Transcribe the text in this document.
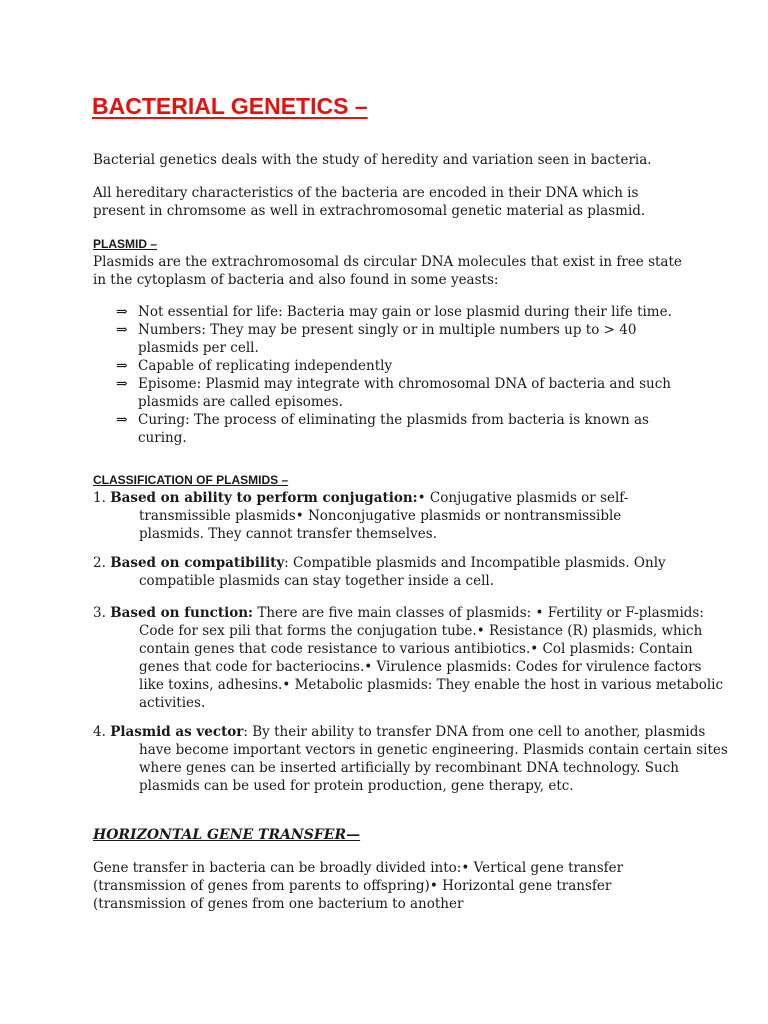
BACTERIAL GENETICS –

Bacterial genetics deals with the study of heredity and variation seen in bacteria.

All hereditary characteristics of the bacteria are encoded in their DNA which is present in chromsome as well in extrachromosomal genetic material as plasmid.

PLASMID –
Plasmids are the extrachromosomal ds circular DNA molecules that exist in free state in the cytoplasm of bacteria and also found in some yeasts:
⇒ Not essential for life: Bacteria may gain or lose plasmid during their life time.
⇒ Numbers: They may be present singly or in multiple numbers up to > 40 plasmids per cell.
⇒ Capable of replicating independently
⇒ Episome: Plasmid may integrate with chromosomal DNA of bacteria and such plasmids are called episomes.
⇒ Curing: The process of eliminating the plasmids from bacteria is known as curing.
CLASSIFICATION OF PLASMIDS –

1. Based on ability to perform conjugation:• Conjugative plasmids or self-transmissible plasmids• Nonconjugative plasmids or nontransmissible plasmids. They cannot transfer themselves.

2. Based on compatibility: Compatible plasmids and Incompatible plasmids. Only compatible plasmids can stay together inside a cell.

3. Based on function: There are five main classes of plasmids: • Fertility or F-plasmids: Code for sex pili that forms the conjugation tube.• Resistance (R) plasmids, which contain genes that code resistance to various antibiotics.• Col plasmids: Contain genes that code for bacteriocins.• Virulence plasmids: Codes for virulence factors like toxins, adhesins.• Metabolic plasmids: They enable the host in various metabolic activities.

4. Plasmid as vector: By their ability to transfer DNA from one cell to another, plasmids have become important vectors in genetic engineering. Plasmids contain certain sites where genes can be inserted artificially by recombinant DNA technology. Such plasmids can be used for protein production, gene therapy, etc.

HORIZONTAL GENE TRANSFER—

Gene transfer in bacteria can be broadly divided into:• Vertical gene transfer (transmission of genes from parents to offspring)• Horizontal gene transfer (transmission of genes from one bacterium to another
